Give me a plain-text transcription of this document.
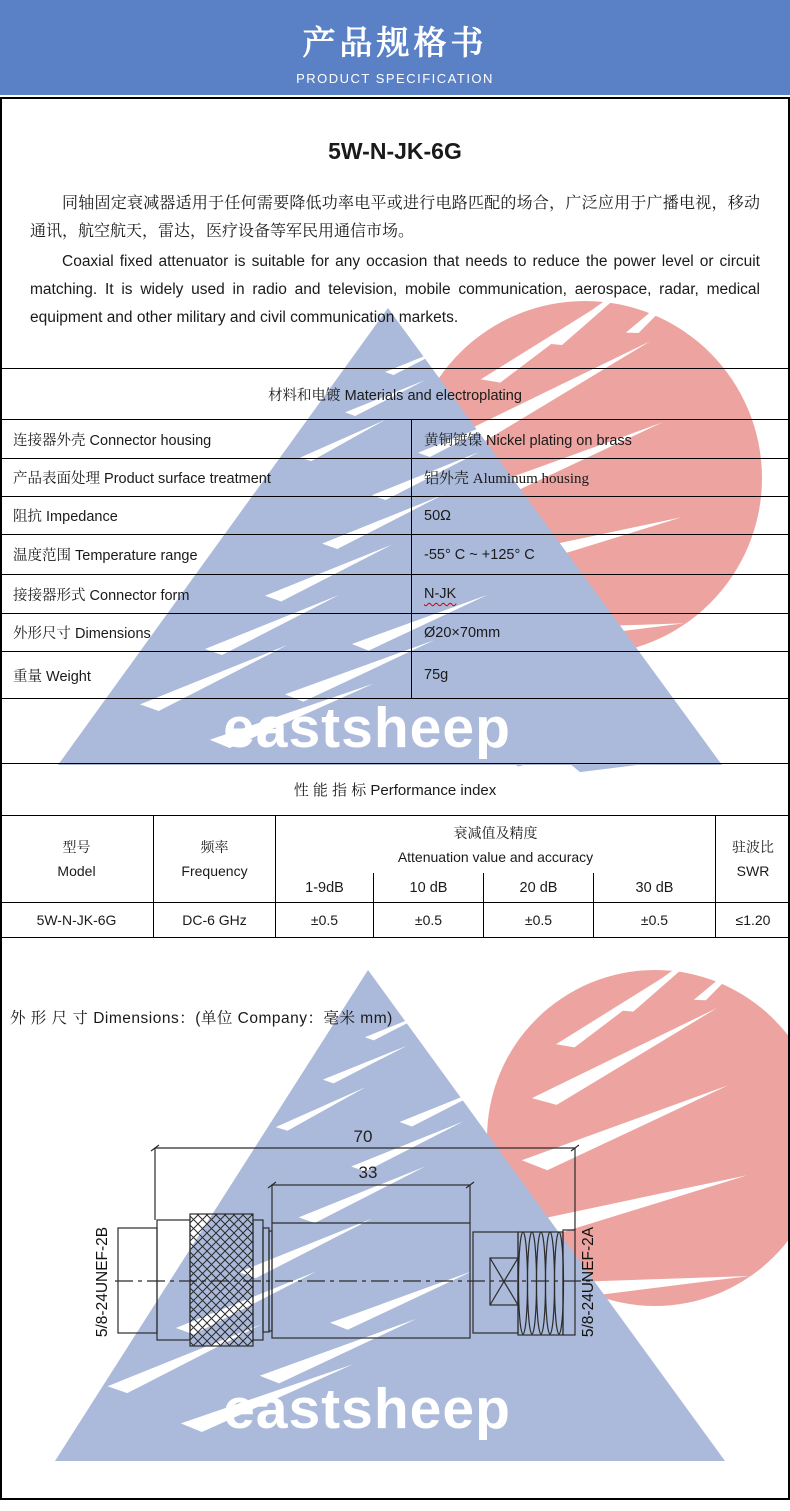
eastsheep
eastsheep
产品规格书
PRODUCT SPECIFICATION
5W-N-JK-6G

同轴固定衰减器适用于任何需要降低功率电平或进行电路匹配的场合，广泛应用于广播电视，移动通讯，航空航天，雷达，医疗设备等军民用通信市场。

Coaxial fixed attenuator is suitable for any occasion that needs to reduce the power level or circuit matching. It is widely used in radio and television, mobile communication, aerospace, radar, medical equipment and other military and civil communication markets.

材料和电镀 Materials and electroplating
连接器外壳 Connector housing	黄铜镀镍 Nickel plating on brass
产品表面处理 Product surface treatment	铝外壳 Aluminum housing
阻抗 Impedance	50Ω
温度范围 Temperature range	-55° C ~ +125° C
接接器形式 Connector form	N-JK
外形尺寸 Dimensions	Ø20×70mm
重量 Weight	75g
性 能 指 标 Performance index
型号
Model
频率
Frequency
衰减值及精度
Attenuation value and accuracy
驻波比
SWR
1-9dB	10 dB	20 dB	30 dB
5W-N-JK-6G	DC-6 GHz	±0.5	±0.5	±0.5	±0.5	≤1.20
外 形 尺 寸 Dimensions：(单位 Company：毫米 mm)
70
33
5/8-24UNEF-2B	5/8-24UNEF-2A
